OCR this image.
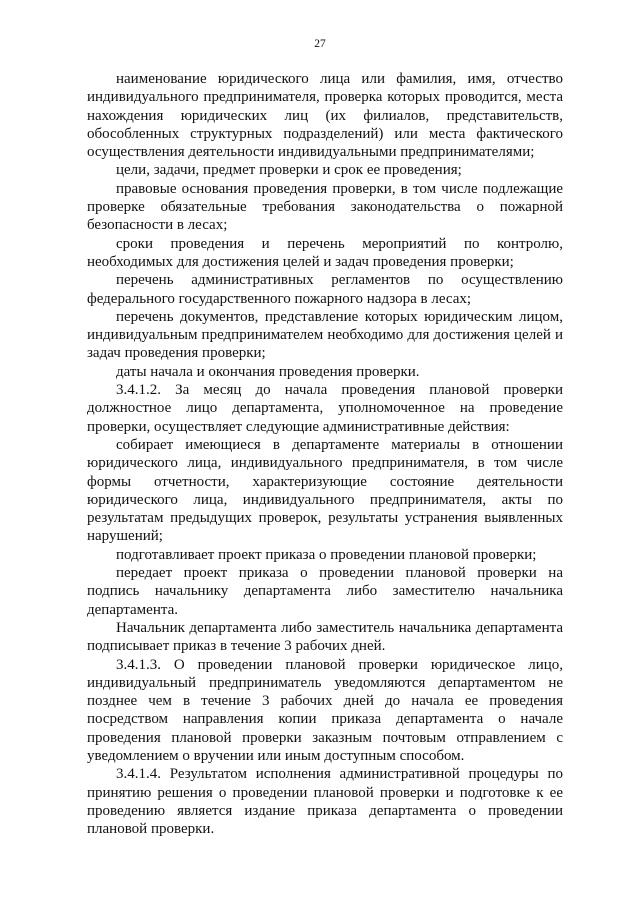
27

наименование юридического лица или фамилия, имя, отчество индивидуального предпринимателя, проверка которых проводится, места нахождения юридических лиц (их филиалов, представительств, обособленных структурных подразделений) или места фактического осуществления деятельности индивидуальными предпринимателями;

цели, задачи, предмет проверки и срок ее проведения;

правовые основания проведения проверки, в том числе подлежащие проверке обязательные требования законодательства о пожарной безопасности в лесах;

сроки проведения и перечень мероприятий по контролю, необходимых для достижения целей и задач проведения проверки;

перечень административных регламентов по осуществлению федерального государственного пожарного надзора в лесах;

перечень документов, представление которых юридическим лицом, индивидуальным предпринимателем необходимо для достижения целей и задач проведения проверки;

даты начала и окончания проведения проверки.

3.4.1.2. За месяц до начала проведения плановой проверки должностное лицо департамента, уполномоченное на проведение проверки, осуществляет следующие административные действия:

собирает имеющиеся в департаменте материалы в отношении юридического лица, индивидуального предпринимателя, в том числе формы отчетности, характеризующие состояние деятельности юридического лица, индивидуального предпринимателя, акты по результатам предыдущих проверок, результаты устранения выявленных нарушений;

подготавливает проект приказа о проведении плановой проверки;

передает проект приказа о проведении плановой проверки на подпись начальнику департамента либо заместителю начальника департамента.

Начальник департамента либо заместитель начальника департамента подписывает приказ в течение 3 рабочих дней.

3.4.1.3. О проведении плановой проверки юридическое лицо, индивидуальный предприниматель уведомляются департаментом не позднее чем в течение 3 рабочих дней до начала ее проведения посредством направления копии приказа департамента о начале проведения плановой проверки заказным почтовым отправлением с уведомлением о вручении или иным доступным способом.

3.4.1.4. Результатом исполнения административной процедуры по принятию решения о проведении плановой проверки и подготовке к ее проведению является издание приказа департамента о проведении плановой проверки.
